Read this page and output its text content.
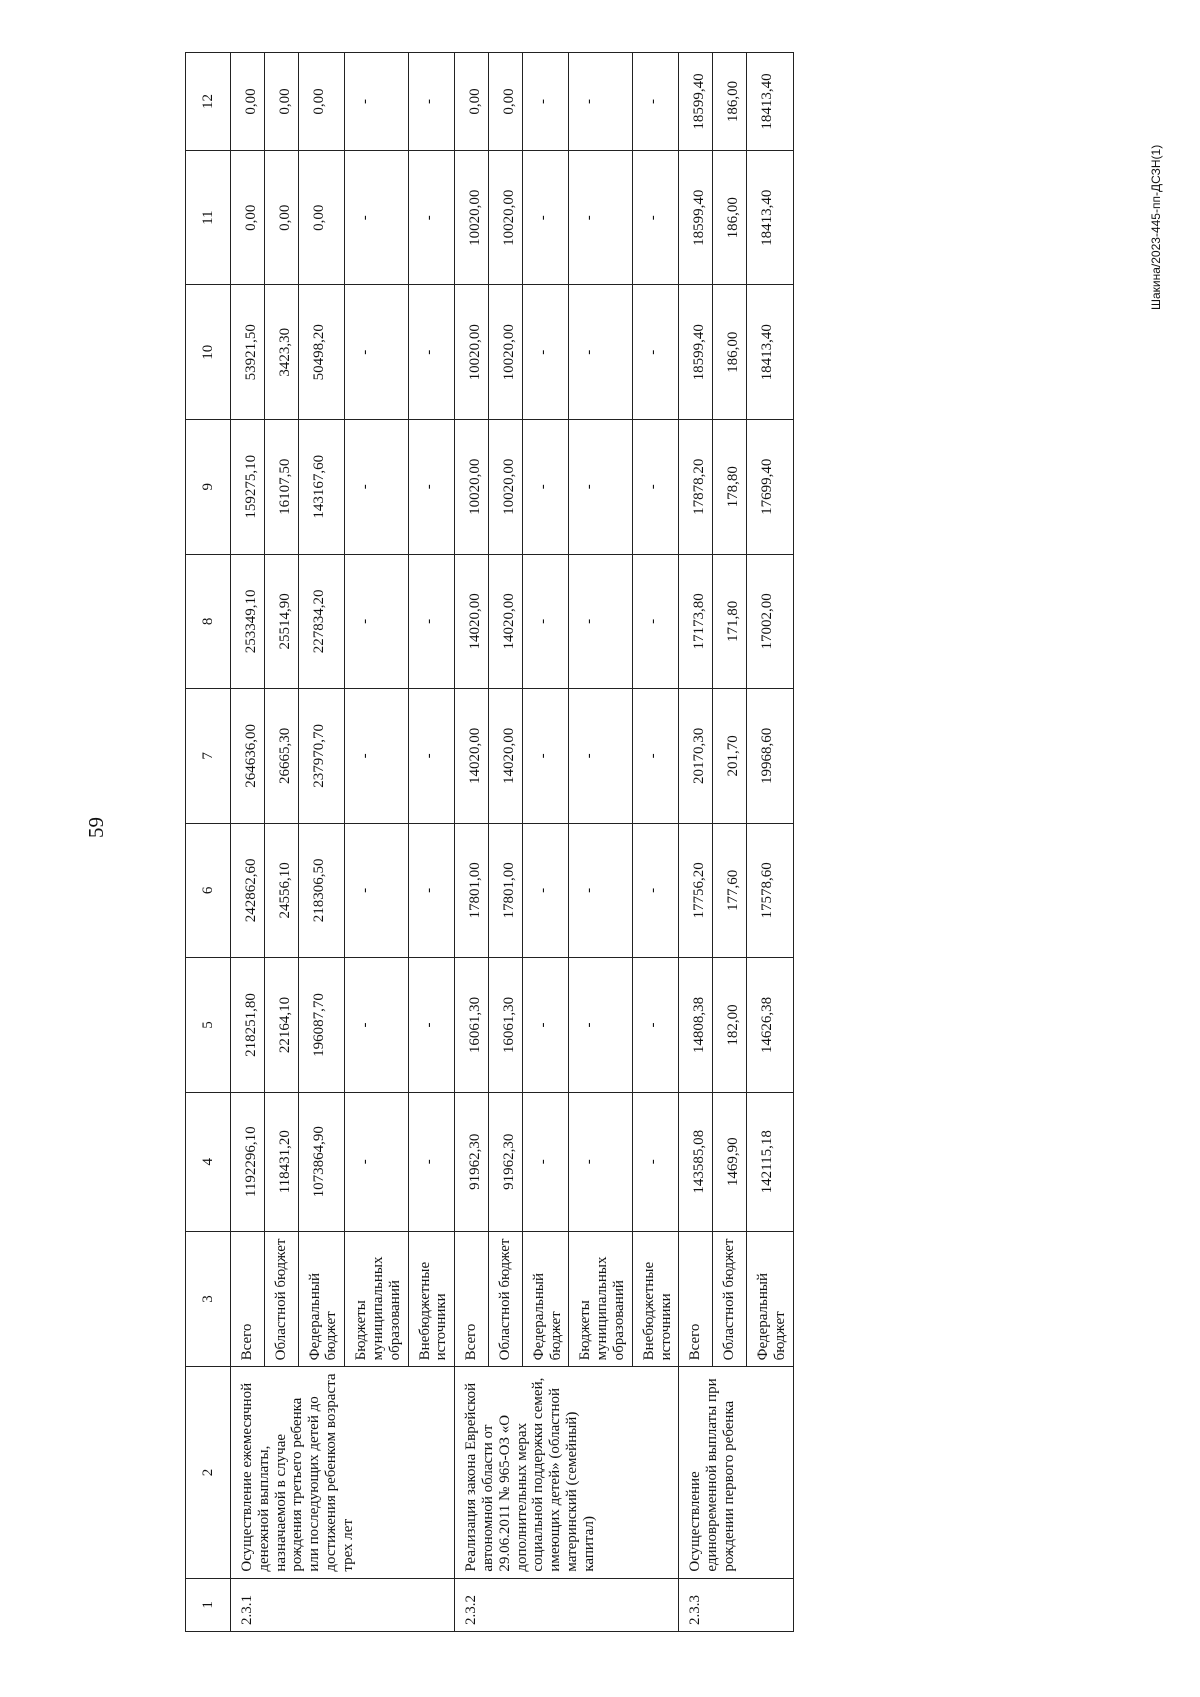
59
Шакина/2023-445-пп-ДСЗН(1)
1	2	3	4	5	6	7	8	9	10	11	12
2.3.1	Осуществление ежемесячной денежной выплаты, назначаемой в случае рождения третьего ребенка или последующих детей до достижения ребенком возраста трех лет	Всего	1192296,10	218251,80	242862,60	264636,00	253349,10	159275,10	53921,50	0,00	0,00
		Областной бюджет	118431,20	22164,10	24556,10	26665,30	25514,90	16107,50	3423,30	0,00	0,00
		Федеральный бюджет	1073864,90	196087,70	218306,50	237970,70	227834,20	143167,60	50498,20	0,00	0,00
		Бюджеты муниципальных образований	-	-	-	-	-	-	-	-	-
		Внебюджетные источники	-	-	-	-	-	-	-	-	-
2.3.2	Реализация закона Еврейской автономной области от 29.06.2011 № 965-ОЗ «О дополнительных мерах социальной поддержки семей, имеющих детей» (областной материнский (семейный) капитал)	Всего	91962,30	16061,30	17801,00	14020,00	14020,00	10020,00	10020,00	10020,00	0,00
		Областной бюджет	91962,30	16061,30	17801,00	14020,00	14020,00	10020,00	10020,00	10020,00	0,00
		Федеральный бюджет	-	-	-	-	-	-	-	-	-
		Бюджеты муниципальных образований	-	-	-	-	-	-	-	-	-
		Внебюджетные источники	-	-	-	-	-	-	-	-	-
2.3.3	Осуществление единовременной выплаты при рождении первого ребенка	Всего	143585,08	14808,38	17756,20	20170,30	17173,80	17878,20	18599,40	18599,40	18599,40
		Областной бюджет	1469,90	182,00	177,60	201,70	171,80	178,80	186,00	186,00	186,00
		Федеральный бюджет	142115,18	14626,38	17578,60	19968,60	17002,00	17699,40	18413,40	18413,40	18413,40
